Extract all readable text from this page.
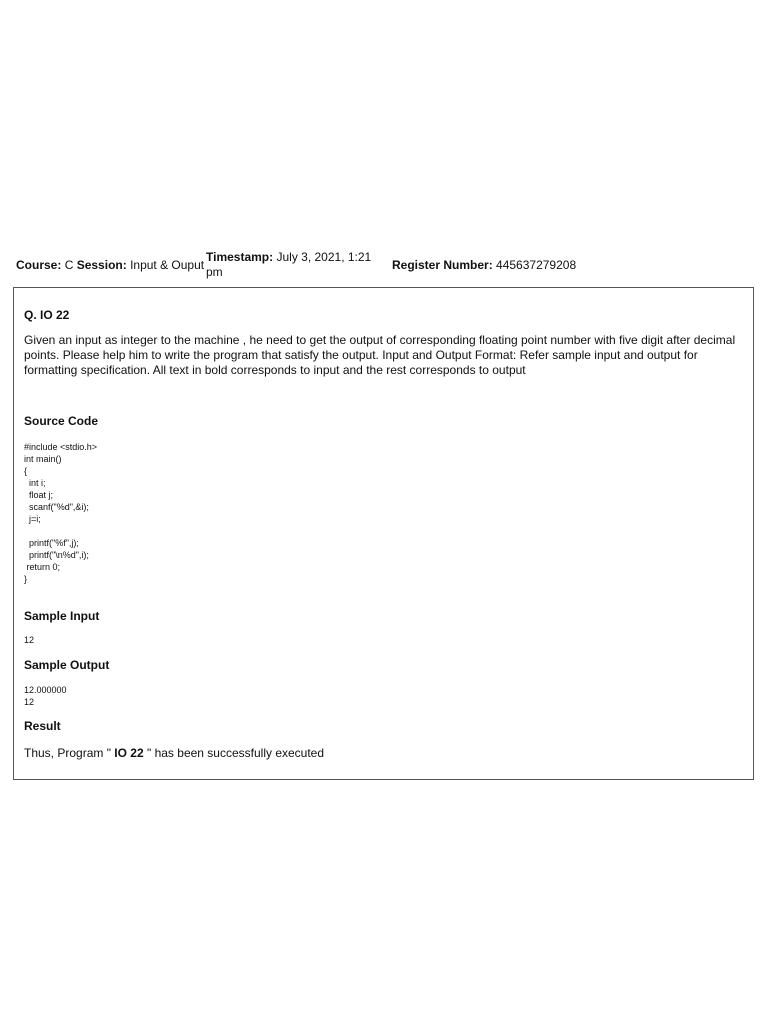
Course: C Session: Input & Ouput
Timestamp: July 3, 2021, 1:21 pm	Register Number: 445637279208
Q. IO 22
Given an input as integer to the machine , he need to get the output of corresponding floating point number with five digit after decimal points. Please help him to write the program that satisfy the output. Input and Output Format: Refer sample input and output for formatting specification. All text in bold corresponds to input and the rest corresponds to output
Source Code
#include <stdio.h>
int main()
{
int i;
float j;
scanf("%d",&i);
j=i;

printf("%f",j);
printf("\n%d",i);
return 0;
}
Sample Input
12
Sample Output
12.000000
12
Result
Thus, Program " IO 22 " has been successfully executed
